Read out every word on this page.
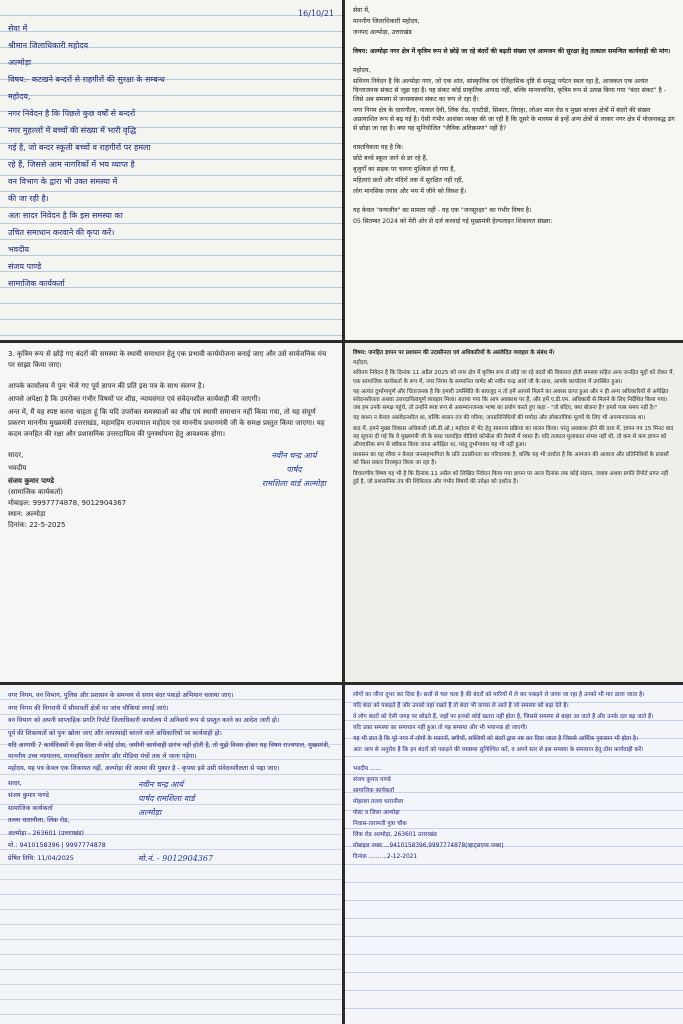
16/10/21
सेवा में
श्रीमान जिलाधिकारी महोदय
अल्मोड़ा
विषय:- कटखने बन्दरों से राहगीरों की सुरक्षा के सम्बन्ध
महोदय,
नगर निवेदन है कि पिछले कुछ वर्षों से बन्दरों
नगर मुहल्लों में बच्चों की संख्या में भारी वृद्धि
गई है, जो बन्दर स्कूली बच्चों व राहगीरों पर हमला
रहे हैं, जिससे आम नागरिकों में भय व्याप्त है
वन विभाग के द्वारा भी उक्त समस्या में
की जा रही है।
अतः सादर निवेदन है कि इस समस्या का
उचित समाधान करवाने की कृपा करें।
भवदीय
संजय पाण्डे
सामाजिक कार्यकर्ता
सेवा में,
माननीय जिलाधिकारी महोदय,
जनपद अल्मोड़ा, उत्तराखंड
विषय: अल्मोड़ा नगर क्षेत्र में कृत्रिम रूप से छोड़े जा रहे बंदरों की बढ़ती संख्या एवं आमजन की सुरक्षा हेतु तत्काल समन्वित कार्यवाही की मांग।
महोदय,
सविनय निवेदन है कि अल्मोड़ा नगर, जो एक शांत, सांस्कृतिक एवं ऐतिहासिक दृष्टि से समृद्ध पर्यटन स्थल रहा है, आजकल एक अत्यंत चिन्ताजनक संकट से जूझ रहा है। यह संकट कोई प्राकृतिक आपदा नहीं, बल्कि मानवजनित, कृत्रिम रूप से उत्पन्न किया गया "बंदर संकट" है - जिसे अब समस्या से जनस्वास्थ्य संकट का रूप ले रहा है।
नगर निगम क्षेत्र के धारानौला, पाताल देवी, लिंक रोड, एनटीडी, सिकार, तिराहा, लोअर माल रोड व मुख्य बाजार क्षेत्रों में बंदरों की संख्या अप्रत्याशित रूप से बढ़ गई है। ऐसी गंभीर आशंका व्यक्त की जा रही है कि दूसरे के माध्यम से इन्हें अन्य क्षेत्रों से लाकर नगर क्षेत्र में योजनाबद्ध ढंग से छोड़ा जा रहा है। क्या यह सुनियोजित "जैविक अतिक्रमण" नहीं है?
वास्तविकता यह है कि:
छोटे बच्चे स्कूल जाने से डर रहे हैं,
बुजुर्गों का सड़क पर चलना मुश्किल हो गया है,
महिलाएं छतों और मंदिरों तक में सुरक्षित नहीं रहीं,
लोग मानसिक तनाव और भय में जीने को विवश हैं।
यह केवल "वन्यजीव" का मामला नहीं - यह एक "जनसुरक्षा" का गंभीर विषय है।
05 सितम्बर 2024 को मेरी ओर से दर्ज करवाई गई मुख्यमंत्री हेल्पलाइन शिकायत संख्या:
3. कृत्रिम रूप से छोड़े गए बंदरों की समस्या के स्थायी समाधान हेतु एक प्रभावी कार्ययोजना बनाई जाए और उसे सार्वजनिक मंच पर साझा किया जाए।
आपके कार्यालय में पुनः भेजे गए पूर्व ज्ञापन की प्रति इस पत्र के साथ संलग्न है।
आपसे अपेक्षा है कि उपरोक्त गंभीर विषयों पर शीघ्र, न्यायसंगत एवं संवेदनशील कार्यवाही की जाएगी।
अन्त में, मैं यह स्पष्ट करना चाहता हूं कि यदि उपरोक्त समस्याओं का शीघ्र एवं स्थायी समाधान नहीं किया गया, तो यह संपूर्ण प्रकरण माननीय मुख्यमंत्री उत्तराखंड, महामहिम राज्यपाल महोदय एवं माननीय प्रधानमंत्री जी के समक्ष प्रस्तुत किया जाएगा। यह कदम जनहित की रक्षा और प्रशासनिक उत्तरदायित्व की पुनर्स्थापना हेतु आवश्यक होगा।
सादर,
भवदीय
संजय कुमार पाण्डे
(सामाजिक कार्यकर्ता)
मोबाइल: 9997774878, 9012904367
स्थान: अल्मोड़ा
दिनांक: 22-5-2025
नवीन चन्द्र आर्य
पार्षद
रामशिला वार्ड अल्मोड़ा
विषय: जनहित ज्ञापन पर प्रशासन की उदासीनता एवं अधिकारियों के असंवेदित व्यवहार के संबंध में।
महोदय,
सविनय निवेदन है कि दिनांक 11 अप्रैल 2025 को नगर क्षेत्र में कृत्रिम रूप से छोड़े जा रहे बंदरों की विकराल होती समस्या सहित अन्य जनहित मुद्दों को लेकर मैं, एक सामाजिक कार्यकर्ता के रूप में, नगर निगम के सम्मानित पार्षद श्री नवीन चन्द्र आर्य जी के साथ, आपके कार्यालय में उपस्थित हुआ।
यह अत्यंत दुर्भाग्यपूर्ण और चिंताजनक है कि हमारी उपस्थिति के बावजूद न तो हमें आपसे मिलने का अवसर प्राप्त हुआ और न ही अन्य अधिकारियों से अपेक्षित संवेदनशीलता अथवा उत्तरदायित्वपूर्ण व्यवहार मिला। बताया गया कि आप अवकाश पर हैं, और हमें ए.डी.एम. अधिकारी से मिलने के लिए निर्देशित किया गया। जब हम उनके समक्ष पहुंचे, तो उन्होंने स्पष्ट रूप से असम्मानजनक भाषा का प्रयोग करते हुए कहा - "तो बंदिए, क्या बोलना है? हमारे पास समय नहीं है।"
यह कथन न केवल असंवेदनशील था, बल्कि शासन तंत्र की गरिमा, जनप्रतिनिधियों की मर्यादा और लोकतांत्रिक मूल्यों के लिए भी अपमानजनक था।
बाद में, हमने मुख्य विकास अधिकारी (सी.डी.ओ.) महोदय से भेंट हेतु सामान्य प्रक्रिया का पालन किया। परंतु अवकाश होने की दशा में, ज्ञापन पत्र 15 मिनट बाद यह सूचना दी गई कि वे मुख्यमंत्री जी के साथ चलरहित वीडियो कॉन्फ्रेंस की तैयारी में व्यस्त हैं। यदि तत्काल मुलाकात संभव नहीं थी, तो कम से कम ज्ञापन को औपचारिक रूप से स्वीकार किया जाना अपेक्षित था, परंतु दुर्भाग्यवश यह भी नहीं हुआ।
प्रशासन का यह रवैया न केवल जनसहभागिता के प्रति उदासीनता का परिचायक है, बल्कि यह भी दर्शाता है कि आमजन की आवाज और प्रतिनिधियों के प्रयासों को किस प्रकार तिरस्कृत किया जा रहा है।
विचारणीय विषय यह भी है कि दिनांक 11 अप्रैल को लिखित निवेदन किया गया ज्ञापन पर आज दिनांक तक कोई संज्ञान, जवाब अथवा प्रगति रिपोर्ट प्राप्त नहीं हुई है, जो प्रशासनिक तंत्र की शिथिलता और गंभीर विषयों की उपेक्षा को दर्शाता है।
नगर निगम, वन विभाग, पुलिस और प्रशासन के समन्वय से सघन बंदर पकड़ो अभियान चलाया जाए।
नगर निगम की निगरानी में सीमावर्ती क्षेत्रों पर जांच चौकियां लगाई जाएं।
वन विभाग को अपनी साप्ताहिक प्रगति रिपोर्ट जिलाधिकारी कार्यालय में अनिवार्य रूप से प्रस्तुत करने का आदेश जारी हो।
पूर्व की शिकायतों को पुनः खोला जाए और लापरवाही बरतने वाले अधिकारियों पर कार्यवाही हो।
यदि आगामी 7 कार्यदिवसों में इस दिशा में कोई ठोस, जमीनी कार्यवाही प्रारंभ नहीं होती है, तो मुझे विवश होकर यह विषय राज्यपाल, मुख्यमंत्री, माननीय उच्च न्यायालय, मानवाधिकार आयोग और मीडिया मंचों तक ले जाना पड़ेगा।
महोदय, यह पत्र केवल एक शिकायत नहीं, अल्मोड़ा की आत्मा की पुकार है - कृपया इसे उसी संवेदनशीलता से पढ़ा जाए।
सादर,
संजय कुमार पाण्डे
सामाजिक कार्यकर्ता
तल्ला धारानौला, लिंक रोड,
अल्मोड़ा - 263601 (उत्तराखंड)
मो.: 9410158396 | 9997774878
प्रेषित तिथि: 11/04/2025
नवीन चन्द्र आर्य
पार्षद रामशिला वार्ड
अल्मोड़ा
मो.नं. - 9012904367
लोगों का जीना दूभर कर दिया है। छतों से चल चला है की बंदरों को मारियों में ले कर पकड़ने ले जाया जा रहा है उनको भी मार डाला जाता है।
यदि बंदर को पकड़ते हैं और उनको वहां रखते हैं तो बंदर भी वापस ले आते हैं जो समस्या को बढ़ा देते हैं।
वे लोग बंदरों को ऐसी जगह पर छोड़ते हैं, जहाँ पर इनको कोई खतरा नहीं होता है, जिससे समस्या से बाहर आ जाते हैं और उनके दल बढ़ जाते हैं।
यदि उक्त समस्या का समाधान नहीं हुआ तो यह समस्या और भी भयानक हो जाएगी।
यह भी ज्ञात है कि पूरे नगर में लोगों के मकानों, बगीचों, सब्जियों को बंदरों द्वारा नष्ट कर दिया जाता है जिससे आर्थिक नुकसान भी होता है।
अतः आप से अनुरोध है कि इन बंदरों को पकड़ने की व्यवस्था सुनिश्चित करें, व अपने स्तर से इस समस्या के समाधान हेतु ठोस कार्यवाही करें।
भवदीय ......
संजय कुमार पाण्डे
सामाजिक कार्यकर्ता
मोहल्ला तल्ला धारानौला
पोस्ट व जिला अल्मोड़ा
निवास-तारामती पुत्रा चौक
लिंक रोड अल्मोड़ा, 263601 उत्तराखंड
मोबाइल नम्बर ...9410158396,9997774878(व्हाट्सएप्प नम्बर)
दिनांक ..........2-12-2021
